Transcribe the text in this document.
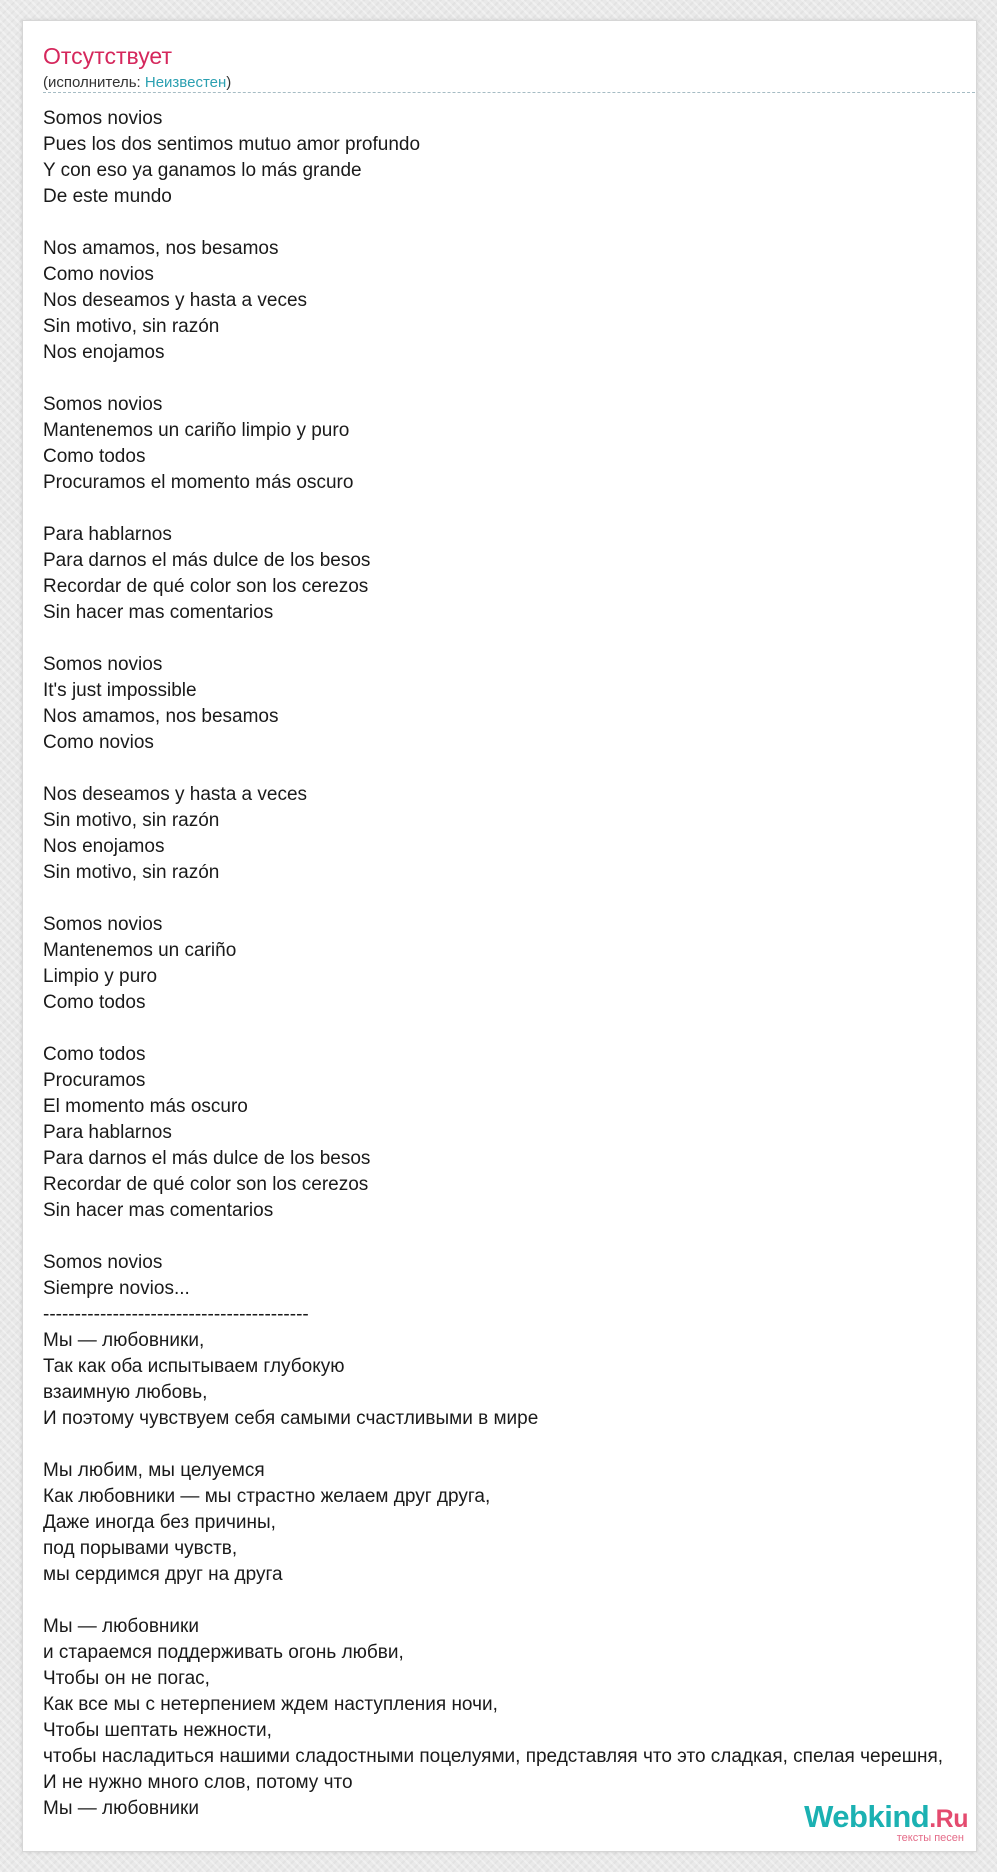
Отсутствует
(исполнитель: Неизвестен)
Somos novios
Pues los dos sentimos mutuo amor profundo
Y con eso ya ganamos lo más grande
De este mundo
Nos amamos, nos besamos
Como novios
Nos deseamos y hasta a veces
Sin motivo, sin razón
Nos enojamos
Somos novios
Mantenemos un cariño limpio y puro
Como todos
Procuramos el momento más oscuro
Para hablarnos
Para darnos el más dulce de los besos
Recordar de qué color son los cerezos
Sin hacer mas comentarios
Somos novios
It's just impossible
Nos amamos, nos besamos
Como novios
Nos deseamos y hasta a veces
Sin motivo, sin razón
Nos enojamos
Sin motivo, sin razón
Somos novios
Mantenemos un cariño
Limpio y puro
Como todos
Como todos
Procuramos
El momento más oscuro
Para hablarnos
Para darnos el más dulce de los besos
Recordar de qué color son los cerezos
Sin hacer mas comentarios
Somos novios
Siempre novios...
------------------------------------------
Мы — любовники,
Так как оба испытываем глубокую
взаимную любовь,
И поэтому чувствуем себя самыми счастливыми в мире
Мы любим, мы целуемся
Как любовники — мы страстно желаем друг друга,
Даже иногда без причины,
под порывами чувств,
мы сердимся друг на друга
Мы — любовники
и стараемся поддерживать огонь любви,
Чтобы он не погас,
Как все мы с нетерпением ждем наступления ночи,
Чтобы шептать нежности,
чтобы насладиться нашими сладостными поцелуями, представляя что это сладкая, спелая черешня,
И не нужно много слов, потому что
Мы — любовники	Webkind.Ru
тексты песен
